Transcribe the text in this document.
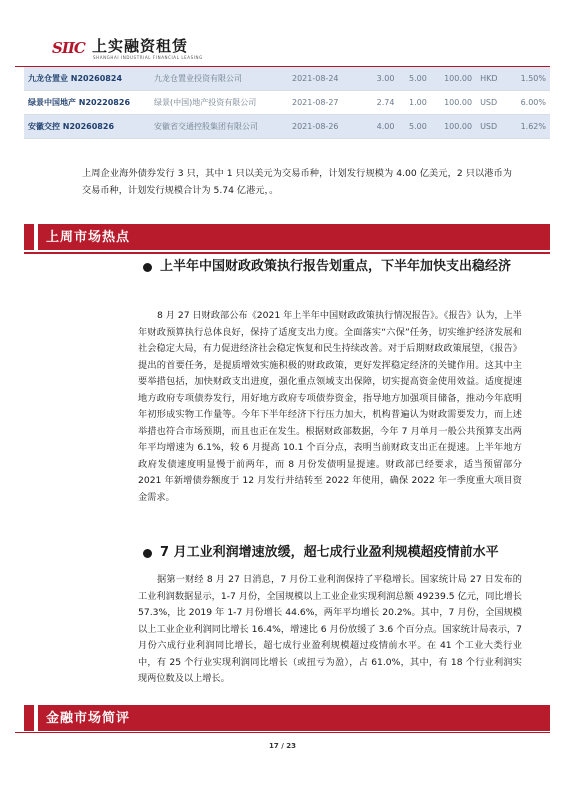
SIIC 上实融资租赁
SHANGHAI INDUSTRIAL FINANCIAL LEASING
九龙仓置业 N20260824	九龙仓置业投资有限公司	2021-08-24	3.00	5.00	100.00	HKD	1.50%
绿景中国地产 N20220826	绿景(中国)地产投资有限公司	2021-08-27	2.74	1.00	100.00	USD	6.00%
安徽交控 N20260826	安徽省交通控股集团有限公司	2021-08-26	4.00	5.00	100.00	USD	1.62%
上周企业海外债券发行 3 只，其中 1 只以美元为交易币种，计划发行规模为 4.00 亿美元，2 只以港币为交易币种，计划发行规模合计为 5.74 亿港元，。
上周市场热点
上半年中国财政政策执行报告划重点，下半年加快支出稳经济
8 月 27 日财政部公布《2021 年上半年中国财政政策执行情况报告》。《报告》认为，上半年财政预算执行总体良好，保持了适度支出力度。全面落实“六保”任务，切实维护经济发展和社会稳定大局，有力促进经济社会稳定恢复和民生持续改善。对于后期财政政策展望，《报告》提出的首要任务，是提质增效实施积极的财政政策，更好发挥稳定经济的关键作用。这其中主要举措包括，加快财政支出进度，强化重点领域支出保障，切实提高资金使用效益。适度提速地方政府专项债券发行，用好地方政府专项债券资金，指导地方加强项目储备，推动今年底明年初形成实物工作量等。今年下半年经济下行压力加大，机构普遍认为财政需要发力，而上述举措也符合市场预期，而且也正在发生。根据财政部数据，今年 7 月单月一般公共预算支出两年平均增速为 6.1%，较 6 月提高 10.1 个百分点，表明当前财政支出正在提速。上半年地方政府发债速度明显慢于前两年，而 8 月份发债明显提速。财政部已经要求，适当预留部分 2021 年新增债券额度于 12 月发行并结转至 2022 年使用，确保 2022 年一季度重大项目资金需求。
7 月工业利润增速放缓，超七成行业盈利规模超疫情前水平
据第一财经 8 月 27 日消息，7 月份工业利润保持了平稳增长。国家统计局 27 日发布的工业利润数据显示，1-7 月份，全国规模以上工业企业实现利润总额 49239.5 亿元，同比增长 57.3%，比 2019 年 1-7 月份增长 44.6%，两年平均增长 20.2%。其中，7 月份，全国规模以上工业企业利润同比增长 16.4%，增速比 6 月份放缓了 3.6 个百分点。国家统计局表示，7 月份六成行业利润同比增长，超七成行业盈利规模超过疫情前水平。在 41 个工业大类行业中，有 25 个行业实现利润同比增长（或扭亏为盈），占 61.0%，其中，有 18 个行业利润实现两位数及以上增长。
金融市场简评
17 / 23
